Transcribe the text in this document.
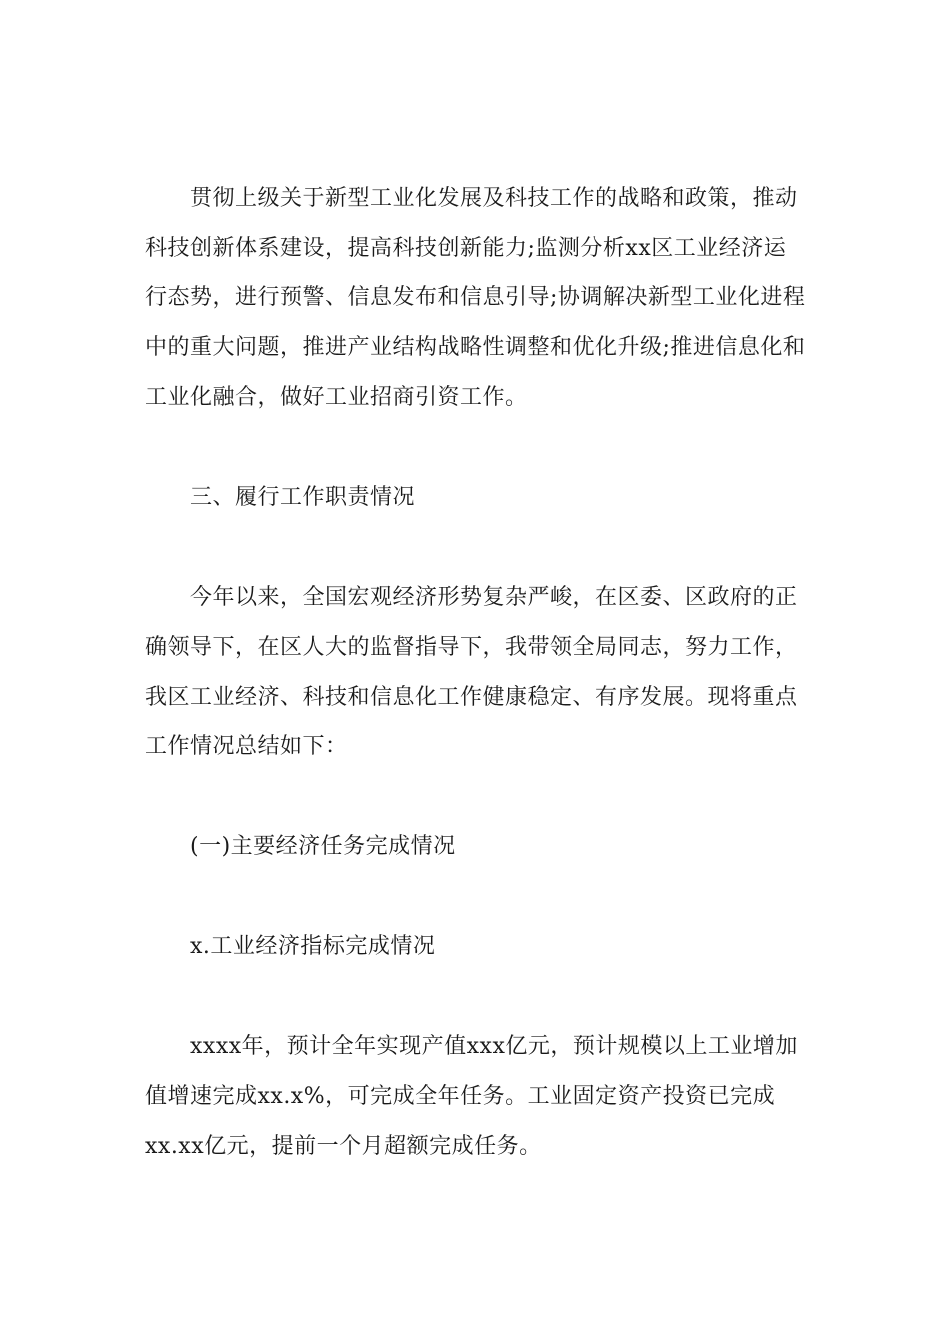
贯彻上级关于新型工业化发展及科技工作的战略和政策，推动
科技创新体系建设，提高科技创新能力;监测分析xx区工业经济运
行态势，进行预警、信息发布和信息引导;协调解决新型工业化进程
中的重大问题，推进产业结构战略性调整和优化升级;推进信息化和
工业化融合，做好工业招商引资工作。
三、履行工作职责情况
今年以来，全国宏观经济形势复杂严峻，在区委、区政府的正
确领导下，在区人大的监督指导下，我带领全局同志，努力工作，
我区工业经济、科技和信息化工作健康稳定、有序发展。现将重点
工作情况总结如下：
(一)主要经济任务完成情况
x.工业经济指标完成情况
xxxx年，预计全年实现产值xxx亿元，预计规模以上工业增加
值增速完成xx.x%，可完成全年任务。工业固定资产投资已完成
xx.xx亿元，提前一个月超额完成任务。
